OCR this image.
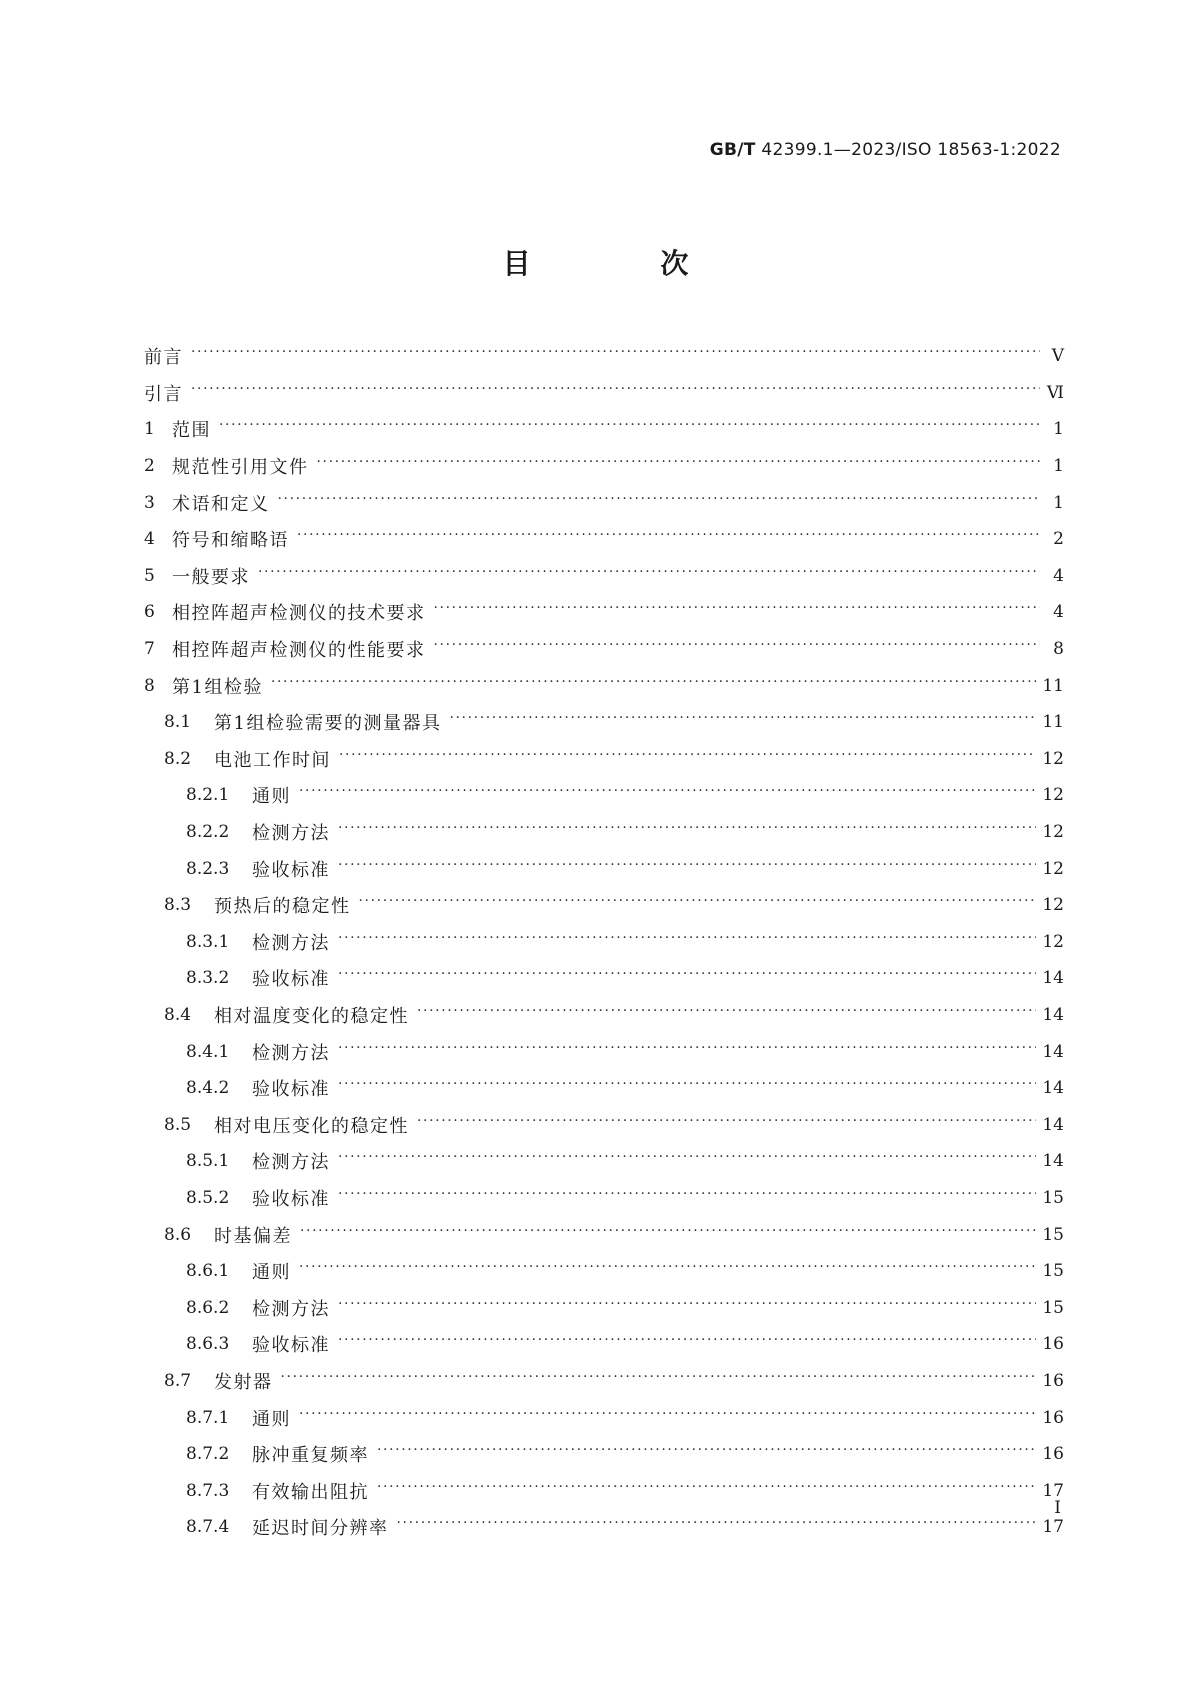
GB/T 42399.1—2023/ISO 18563-1:2022
目 次
前言 ·····	Ⅴ
引言 ·····	Ⅵ
1 范围 ·····	1
2 规范性引用文件 ·····	1
3 术语和定义 ·····	1
4 符号和缩略语 ·····	2
5 一般要求 ·····	4
6 相控阵超声检测仪的技术要求 ·····	4
7 相控阵超声检测仪的性能要求 ·····	8
8 第1组检验 ·····	11
8.1	第1组检验需要的测量器具 ·····	11
8.2	电池工作时间 ·····	12
8.2.1	通则 ·····	12
8.2.2	检测方法 ·····	12
8.2.3	验收标准 ·····	12
8.3	预热后的稳定性 ·····	12
8.3.1	检测方法 ·····	12
8.3.2	验收标准 ·····	14
8.4	相对温度变化的稳定性 ·····	14
8.4.1	检测方法 ·····	14
8.4.2	验收标准 ·····	14
8.5	相对电压变化的稳定性 ·····	14
8.5.1	检测方法 ·····	14
8.5.2	验收标准 ·····	15
8.6	时基偏差 ·····	15
8.6.1	通则 ·····	15
8.6.2	检测方法 ·····	15
8.6.3	验收标准 ·····	16
8.7	发射器 ·····	16
8.7.1	通则 ·····	16
8.7.2	脉冲重复频率 ·····	16
8.7.3	有效输出阻抗 ·····	17
8.7.4	延迟时间分辨率 ·····	17
Ⅰ
